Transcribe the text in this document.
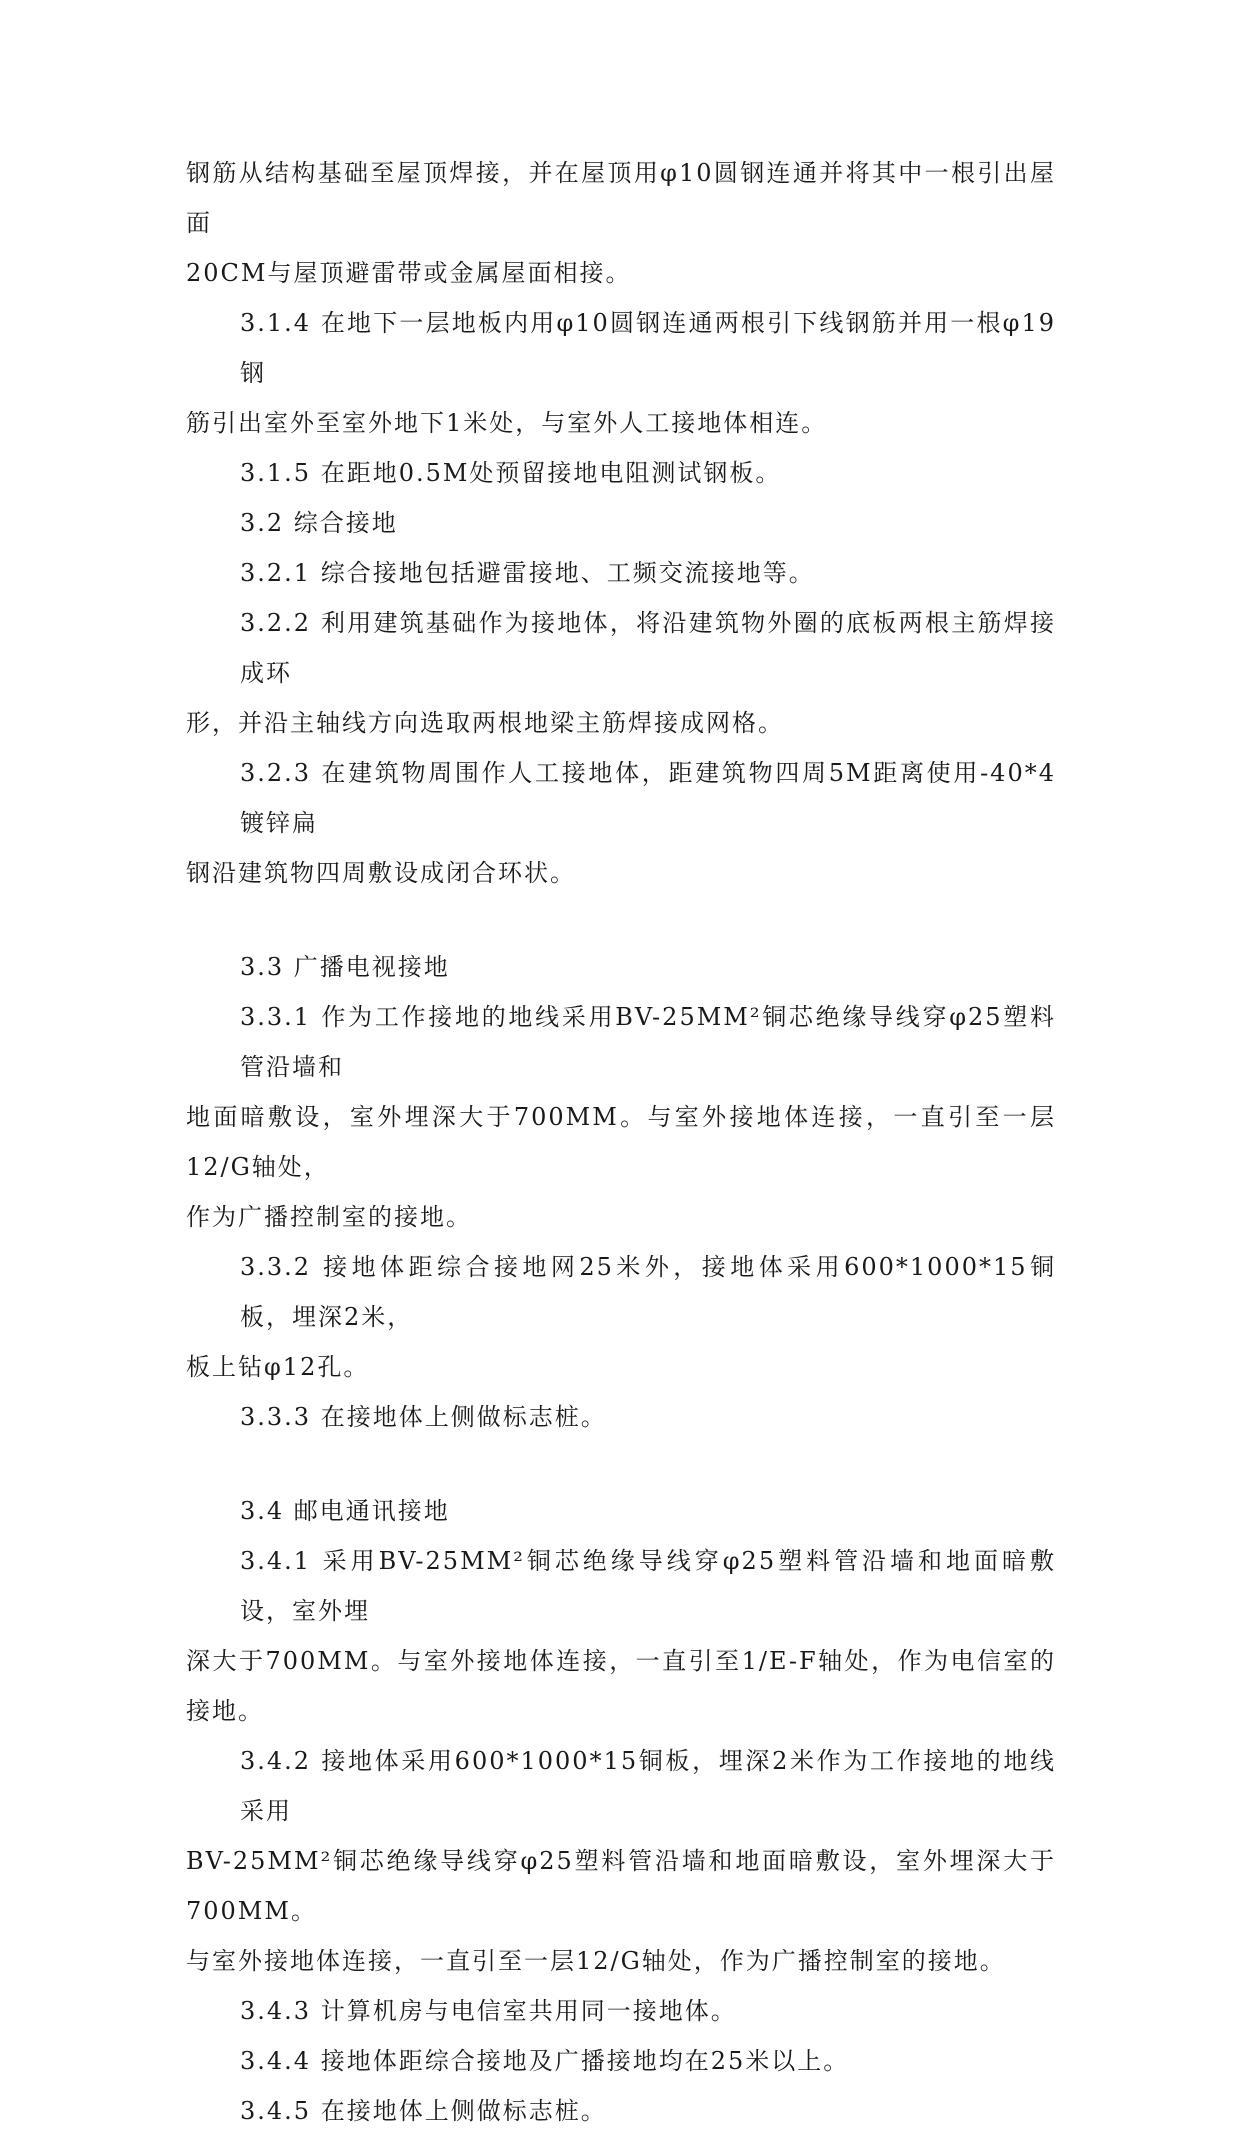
钢筋从结构基础至屋顶焊接，并在屋顶用φ10圆钢连通并将其中一根引出屋面
20CM与屋顶避雷带或金属屋面相接。

3.1.4 在地下一层地板内用φ10圆钢连通两根引下线钢筋并用一根φ19钢
筋引出室外至室外地下1米处，与室外人工接地体相连。

3.1.5 在距地0.5M处预留接地电阻测试钢板。

3.2 综合接地

3.2.1 综合接地包括避雷接地、工频交流接地等。

3.2.2 利用建筑基础作为接地体，将沿建筑物外圈的底板两根主筋焊接成环
形，并沿主轴线方向选取两根地梁主筋焊接成网格。

3.2.3 在建筑物周围作人工接地体，距建筑物四周5M距离使用-40*4镀锌扁
钢沿建筑物四周敷设成闭合环状。

3.3 广播电视接地

3.3.1 作为工作接地的地线采用BV-25MM²铜芯绝缘导线穿φ25塑料管沿墙和
地面暗敷设，室外埋深大于700MM。与室外接地体连接，一直引至一层12/G轴处，
作为广播控制室的接地。

3.3.2 接地体距综合接地网25米外，接地体采用600*1000*15铜板，埋深2米，
板上钻φ12孔。

3.3.3 在接地体上侧做标志桩。

3.4 邮电通讯接地

3.4.1 采用BV-25MM²铜芯绝缘导线穿φ25塑料管沿墙和地面暗敷设，室外埋
深大于700MM。与室外接地体连接，一直引至1/E-F轴处，作为电信室的接地。

3.4.2 接地体采用600*1000*15铜板，埋深2米作为工作接地的地线采用
BV-25MM²铜芯绝缘导线穿φ25塑料管沿墙和地面暗敷设，室外埋深大于700MM。
与室外接地体连接，一直引至一层12/G轴处，作为广播控制室的接地。

3.4.3 计算机房与电信室共用同一接地体。

3.4.4 接地体距综合接地及广播接地均在25米以上。

3.4.5 在接地体上侧做标志桩。
